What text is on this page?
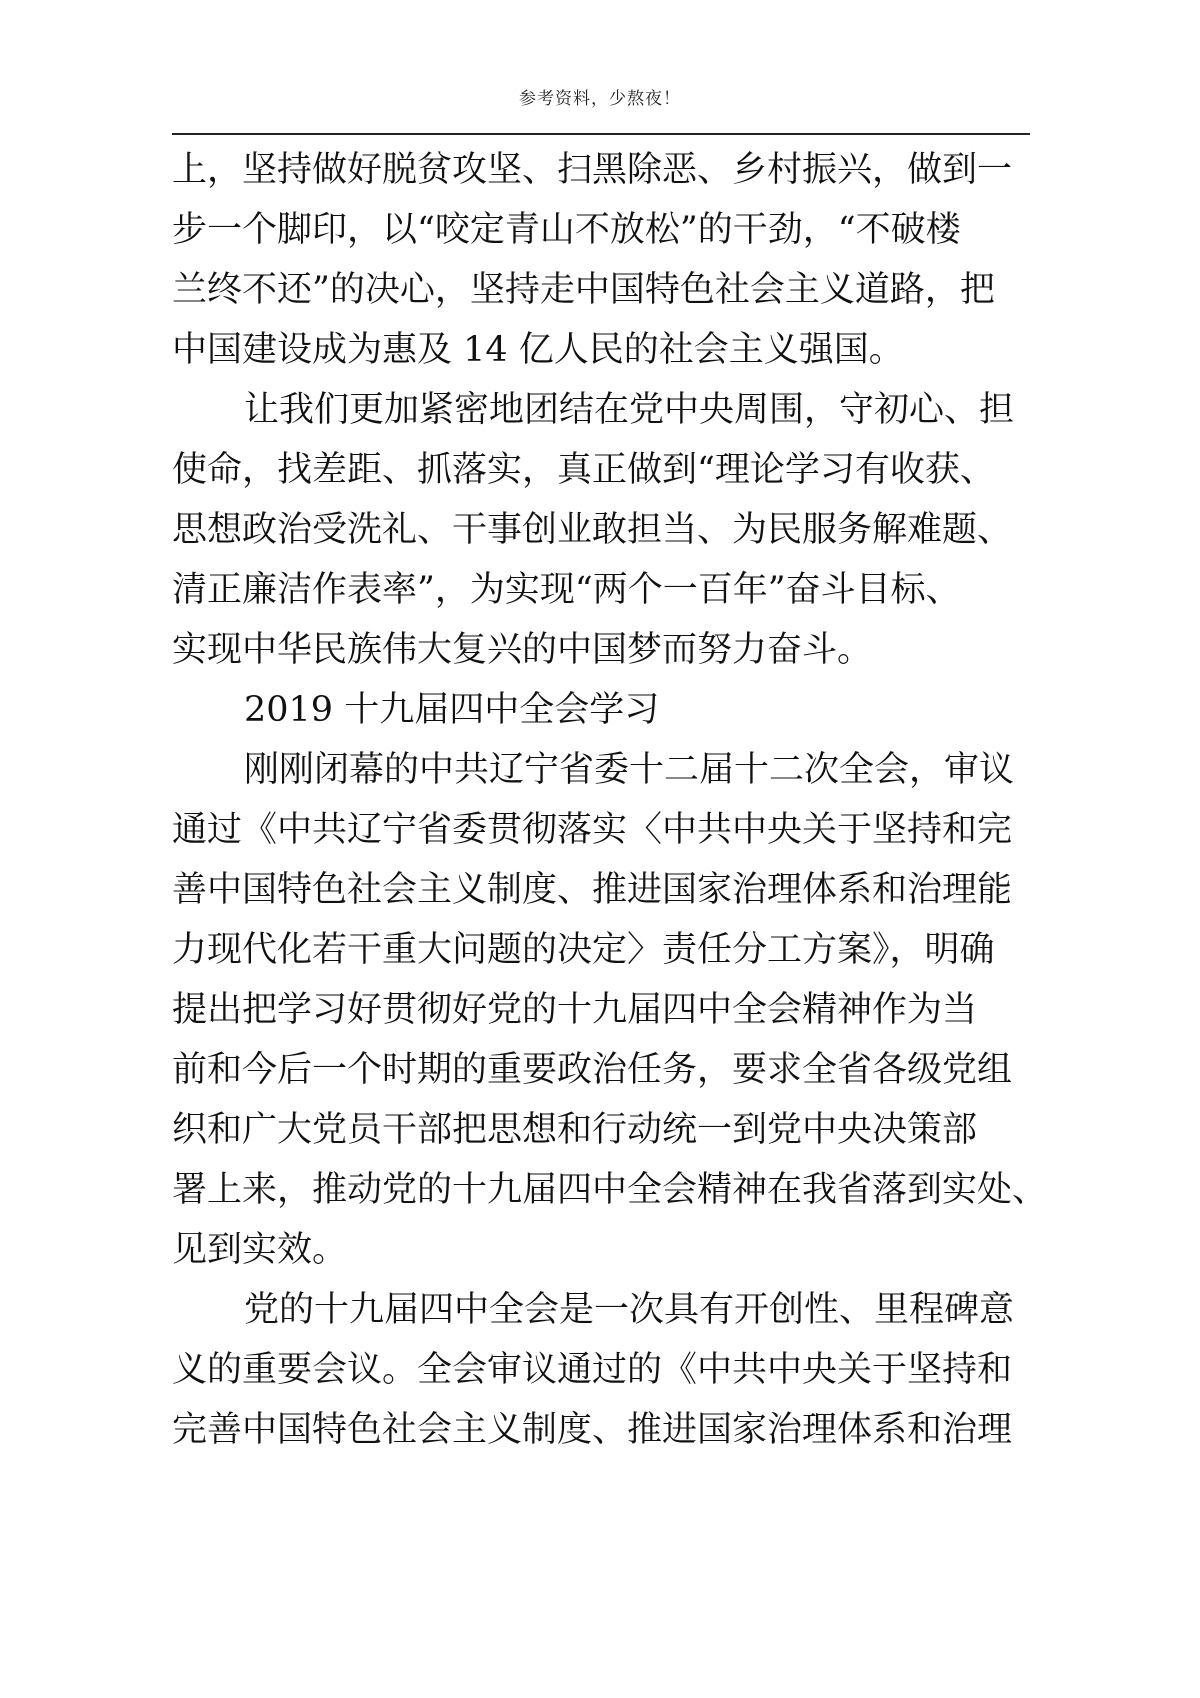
参考资料，少熬夜！
上，坚持做好脱贫攻坚、扫黑除恶、乡村振兴，做到一
步一个脚印，以“咬定青山不放松”的干劲，“不破楼
兰终不还”的决心，坚持走中国特色社会主义道路，把
中国建设成为惠及 14 亿人民的社会主义强国。
让我们更加紧密地团结在党中央周围，守初心、担
使命，找差距、抓落实，真正做到“理论学习有收获、
思想政治受洗礼、干事创业敢担当、为民服务解难题、
清正廉洁作表率”，为实现“两个一百年”奋斗目标、
实现中华民族伟大复兴的中国梦而努力奋斗。
2019 十九届四中全会学习
刚刚闭幕的中共辽宁省委十二届十二次全会，审议
通过《中共辽宁省委贯彻落实〈中共中央关于坚持和完
善中国特色社会主义制度、推进国家治理体系和治理能
力现代化若干重大问题的决定〉责任分工方案》，明确
提出把学习好贯彻好党的十九届四中全会精神作为当
前和今后一个时期的重要政治任务，要求全省各级党组
织和广大党员干部把思想和行动统一到党中央决策部
署上来，推动党的十九届四中全会精神在我省落到实处、
见到实效。
党的十九届四中全会是一次具有开创性、里程碑意
义的重要会议。全会审议通过的《中共中央关于坚持和
完善中国特色社会主义制度、推进国家治理体系和治理
